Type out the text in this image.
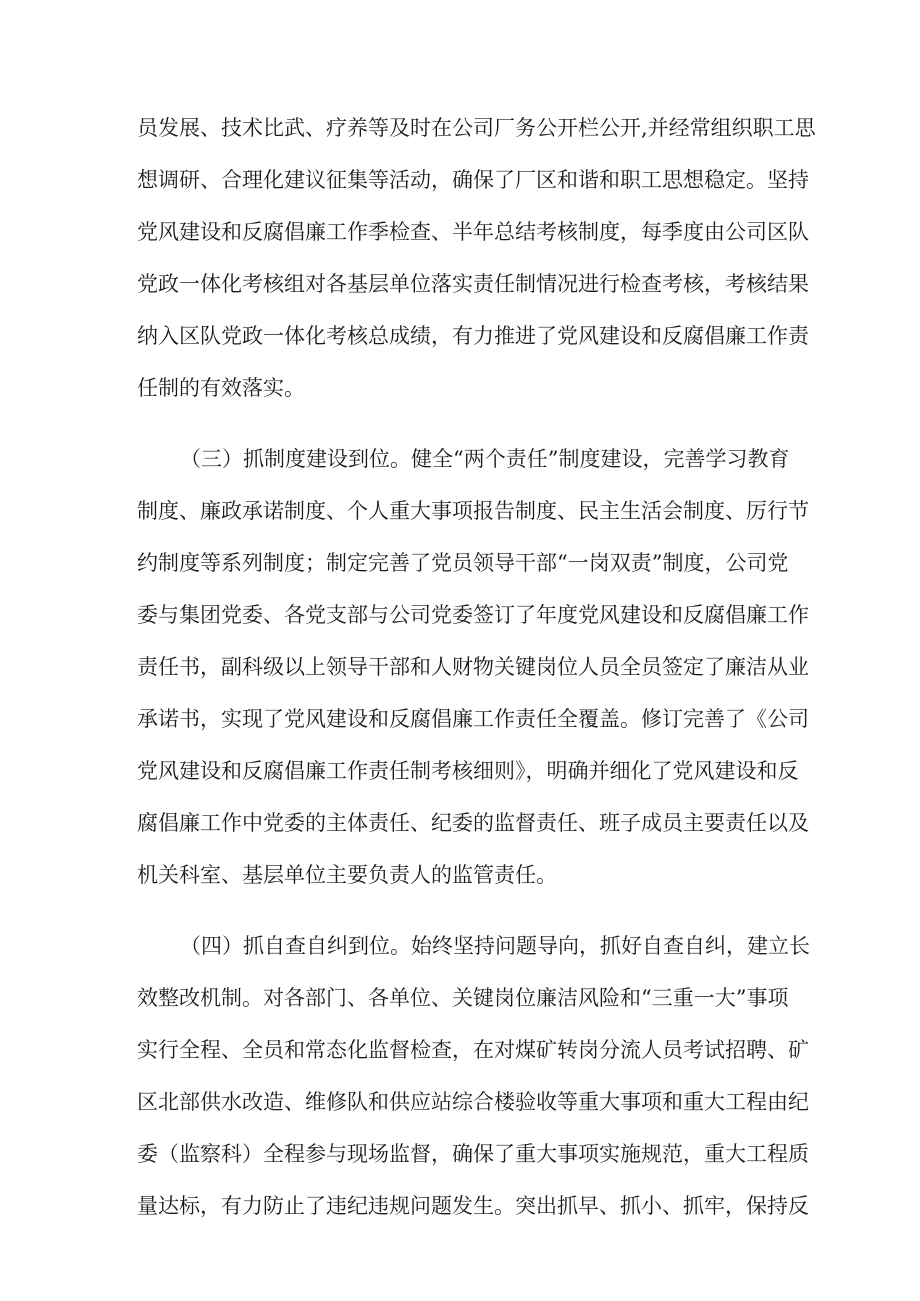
员发展、技术比武、疗养等及时在公司厂务公开栏公开,并经常组织职工思
想调研、合理化建议征集等活动，确保了厂区和谐和职工思想稳定。坚持
党风建设和反腐倡廉工作季检查、半年总结考核制度，每季度由公司区队
党政一体化考核组对各基层单位落实责任制情况进行检查考核，考核结果
纳入区队党政一体化考核总成绩，有力推进了党风建设和反腐倡廉工作责
任制的有效落实。
（三）抓制度建设到位。健全“两个责任”制度建设，完善学习教育
制度、廉政承诺制度、个人重大事项报告制度、民主生活会制度、厉行节
约制度等系列制度；制定完善了党员领导干部“一岗双责”制度，公司党
委与集团党委、各党支部与公司党委签订了年度党风建设和反腐倡廉工作
责任书，副科级以上领导干部和人财物关键岗位人员全员签定了廉洁从业
承诺书，实现了党风建设和反腐倡廉工作责任全覆盖。修订完善了《公司
党风建设和反腐倡廉工作责任制考核细则》，明确并细化了党风建设和反
腐倡廉工作中党委的主体责任、纪委的监督责任、班子成员主要责任以及
机关科室、基层单位主要负责人的监管责任。
（四）抓自查自纠到位。始终坚持问题导向，抓好自查自纠，建立长
效整改机制。对各部门、各单位、关键岗位廉洁风险和“三重一大”事项
实行全程、全员和常态化监督检查，在对煤矿转岗分流人员考试招聘、矿
区北部供水改造、维修队和供应站综合楼验收等重大事项和重大工程由纪
委（监察科）全程参与现场监督，确保了重大事项实施规范，重大工程质
量达标，有力防止了违纪违规问题发生。突出抓早、抓小、抓牢，保持反
